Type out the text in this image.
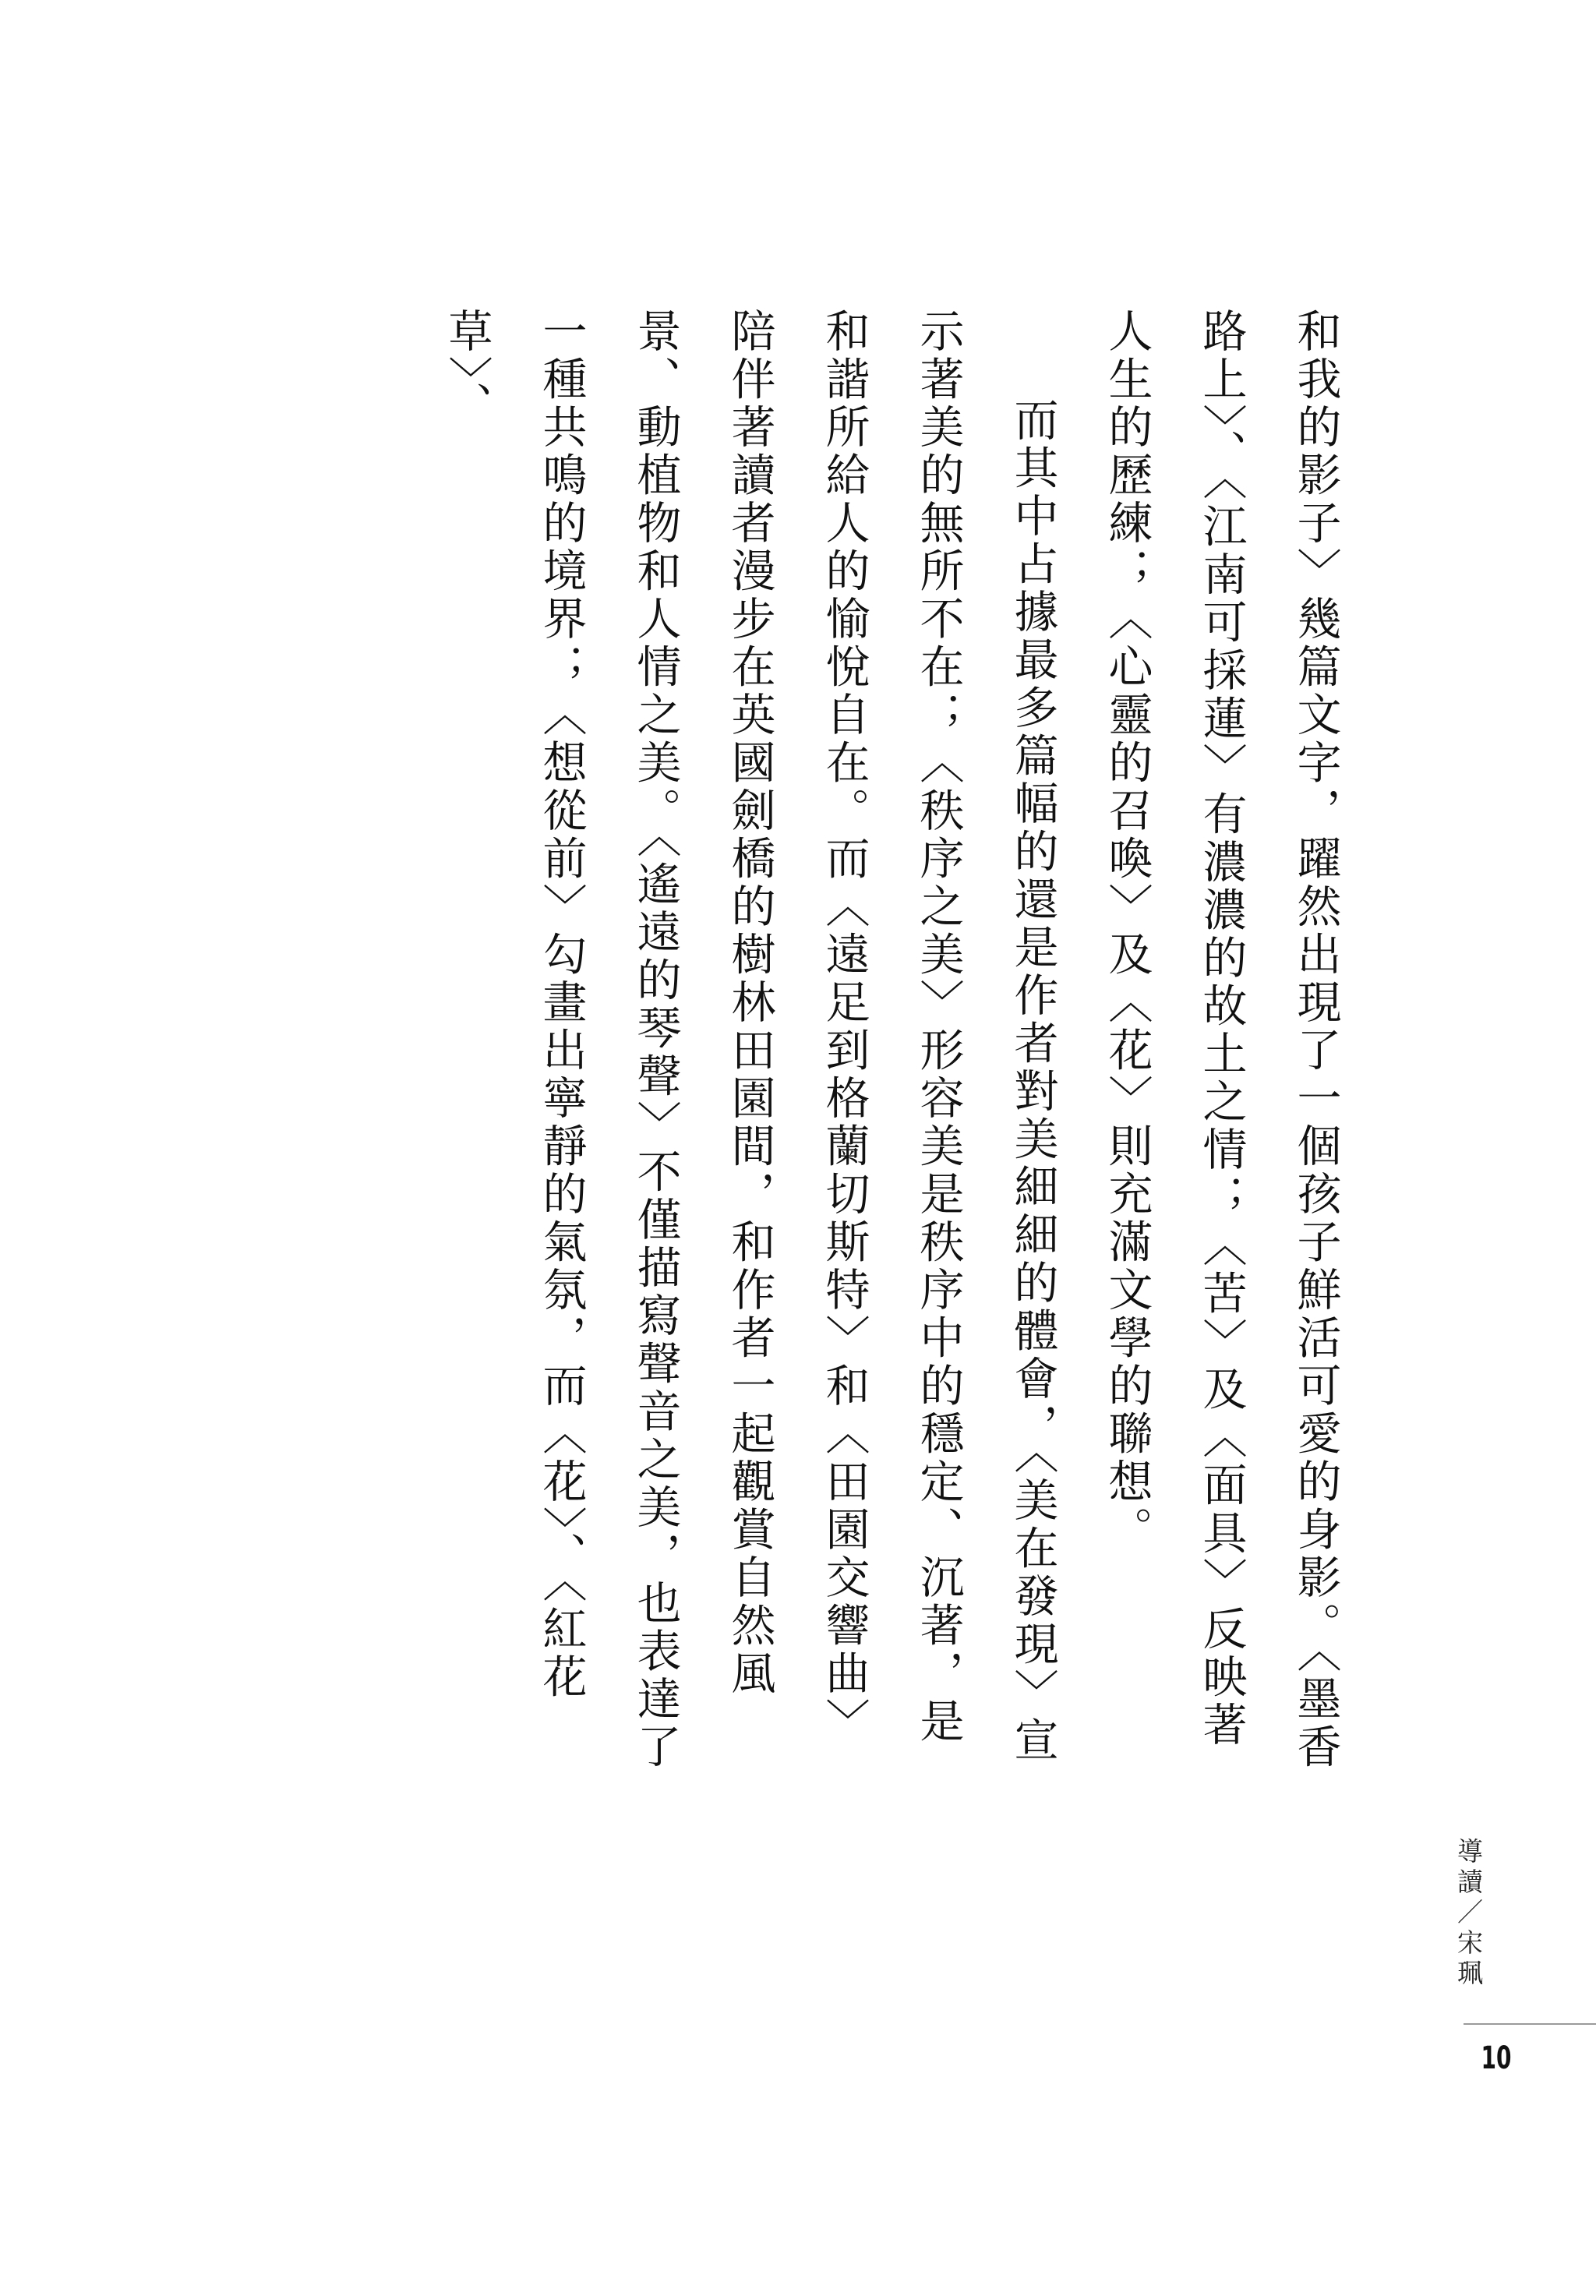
和我的影子〉幾篇文字，躍然出現了一個孩子鮮活可愛的身影。〈墨香路上〉、〈江南可採蓮〉有濃濃的故土之情；〈苦〉及〈面具〉反映著人生的歷練；〈心靈的召喚〉及〈花〉則充滿文學的聯想。

而其中占據最多篇幅的還是作者對美細細的體會，〈美在發現〉宣示著美的無所不在；〈秩序之美〉形容美是秩序中的穩定、沉著，是和諧所給人的愉悅自在。而〈遠足到格蘭切斯特〉和〈田園交響曲〉陪伴著讀者漫步在英國劍橋的樹林田園間，和作者一起觀賞自然風景、動植物和人情之美。〈遙遠的琴聲〉不僅描寫聲音之美，也表達了一種共鳴的境界；〈想從前〉勾畫出寧靜的氣氛，而〈花〉、〈紅花草〉、

導讀／宋珮
10
